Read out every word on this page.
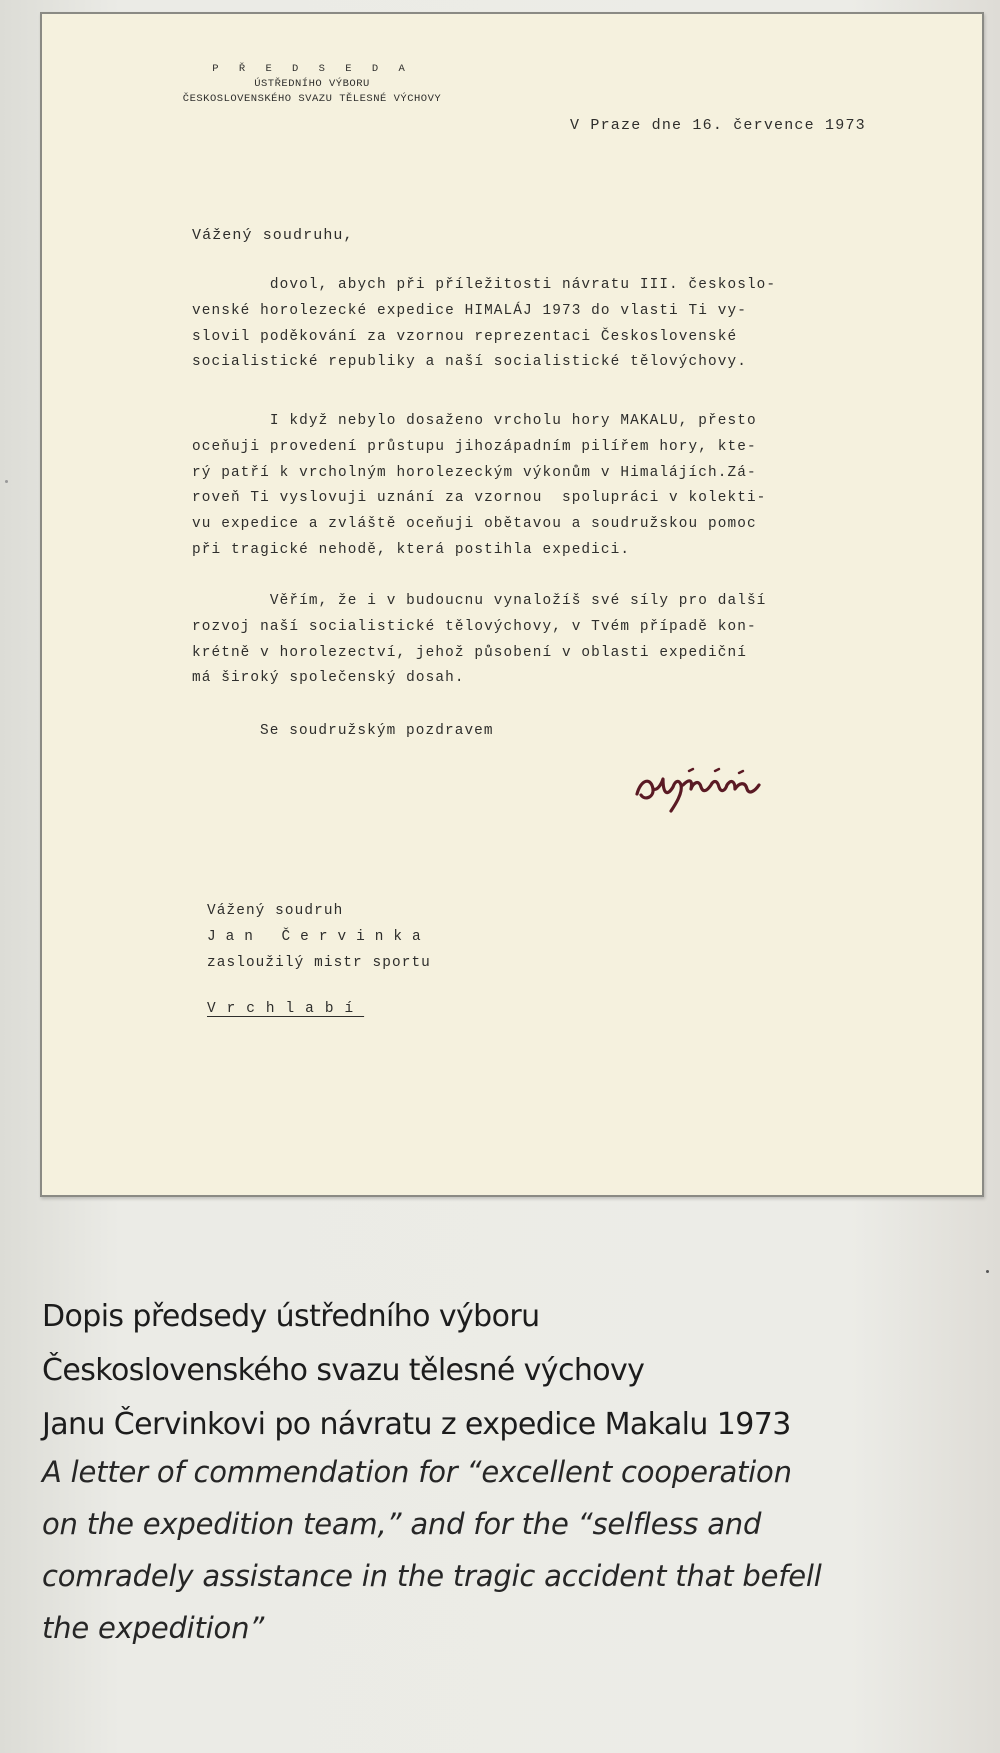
P Ř E D S E D A
ÚSTŘEDNÍHO VÝBORU
ČESKOSLOVENSKÉHO SVAZU TĚLESNÉ VÝCHOVY
V Praze dne 16. července 1973
Vážený soudruhu,
dovol, abych při příležitosti návratu III. českoslo-
venské horolezecké expedice HIMALÁJ 1973 do vlasti Ti vy-
slovil poděkování za vzornou reprezentaci Československé
socialistické republiky a naší socialistické tělovýchovy.
I když nebylo dosaženo vrcholu hory MAKALU, přesto
oceňuji provedení průstupu jihozápadním pilířem hory, kte-
rý patří k vrcholným horolezeckým výkonům v Himalájích.Zá-
roveň Ti vyslovuji uznání za vzornou  spolupráci v kolekti-
vu expedice a zvláště oceňuji obětavou a soudružskou pomoc
při tragické nehodě, která postihla expedici.
Věřím, že i v budoucnu vynaložíš své síly pro další
rozvoj naší socialistické tělovýchovy, v Tvém případě kon-
krétně v horolezectví, jehož působení v oblasti expediční
má široký společenský dosah.
Se soudružským pozdravem
Vážený soudruh
Jan Červinka
zasloužilý mistr sportu
Vrchlabí
Dopis předsedy ústředního výboru
Československého svazu tělesné výchovy
Janu Červinkovi po návratu z expedice Makalu 1973
A letter of commendation for “excellent cooperation
on the expedition team,” and for the “selfless and
comradely assistance in the tragic accident that befell
the expedition”
